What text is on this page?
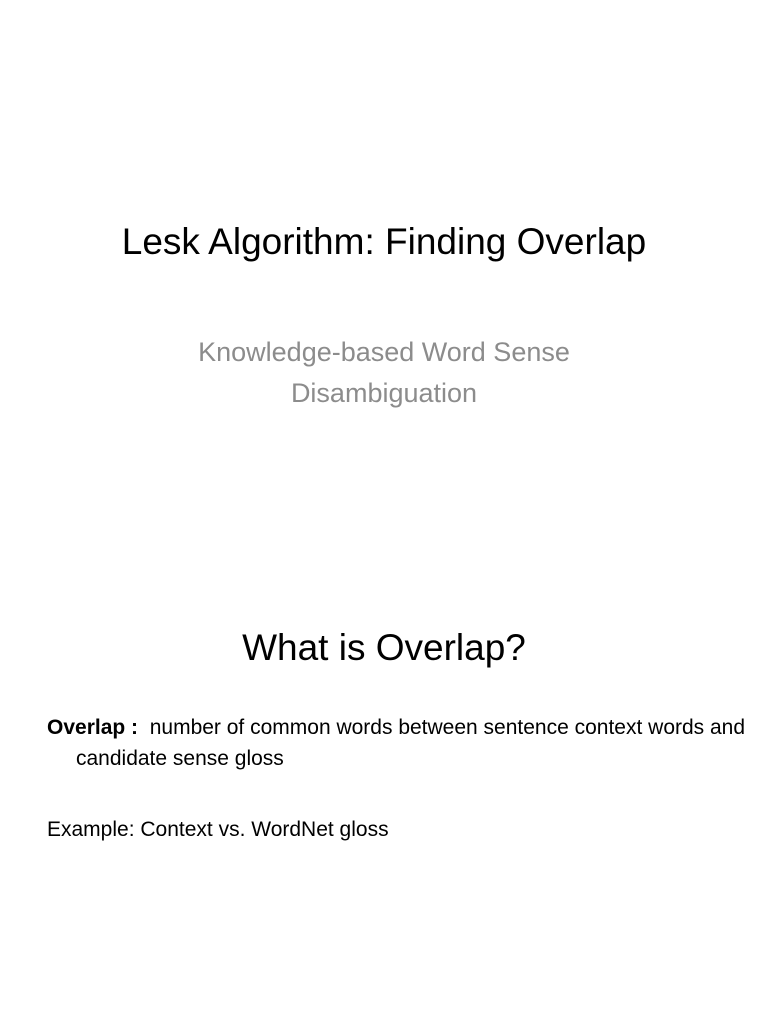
Lesk Algorithm: Finding Overlap
Knowledge-based Word Sense Disambiguation
What is Overlap?

Overlap : number of common words between sentence context words and candidate sense gloss

Example: Context vs. WordNet gloss
